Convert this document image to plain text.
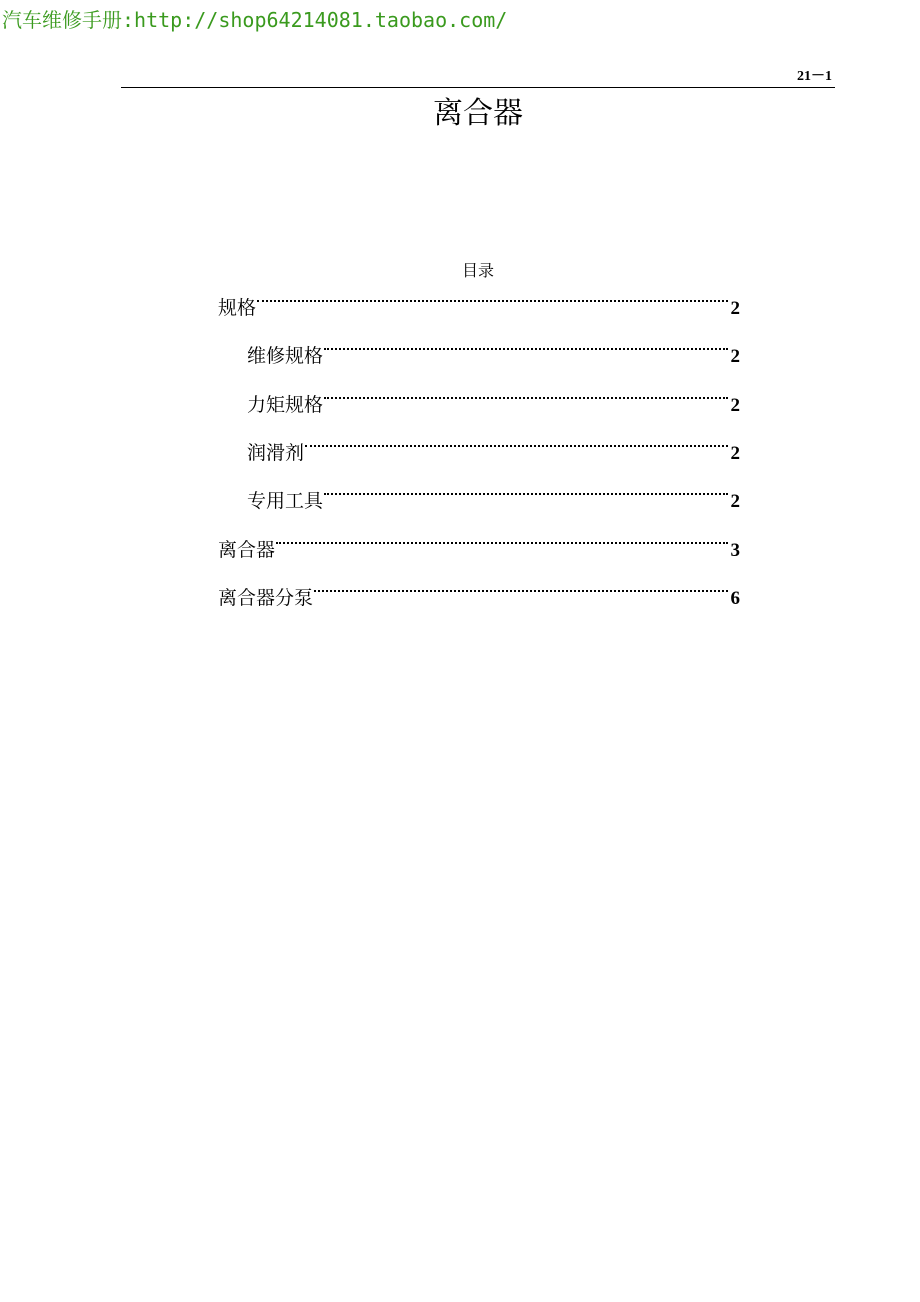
汽车维修手册:http://shop64214081.taobao.com/
21－1
离合器
目录
规格	2
维修规格	2
力矩规格	2
润滑剂	2
专用工具	2
离合器	3
离合器分泵	6
